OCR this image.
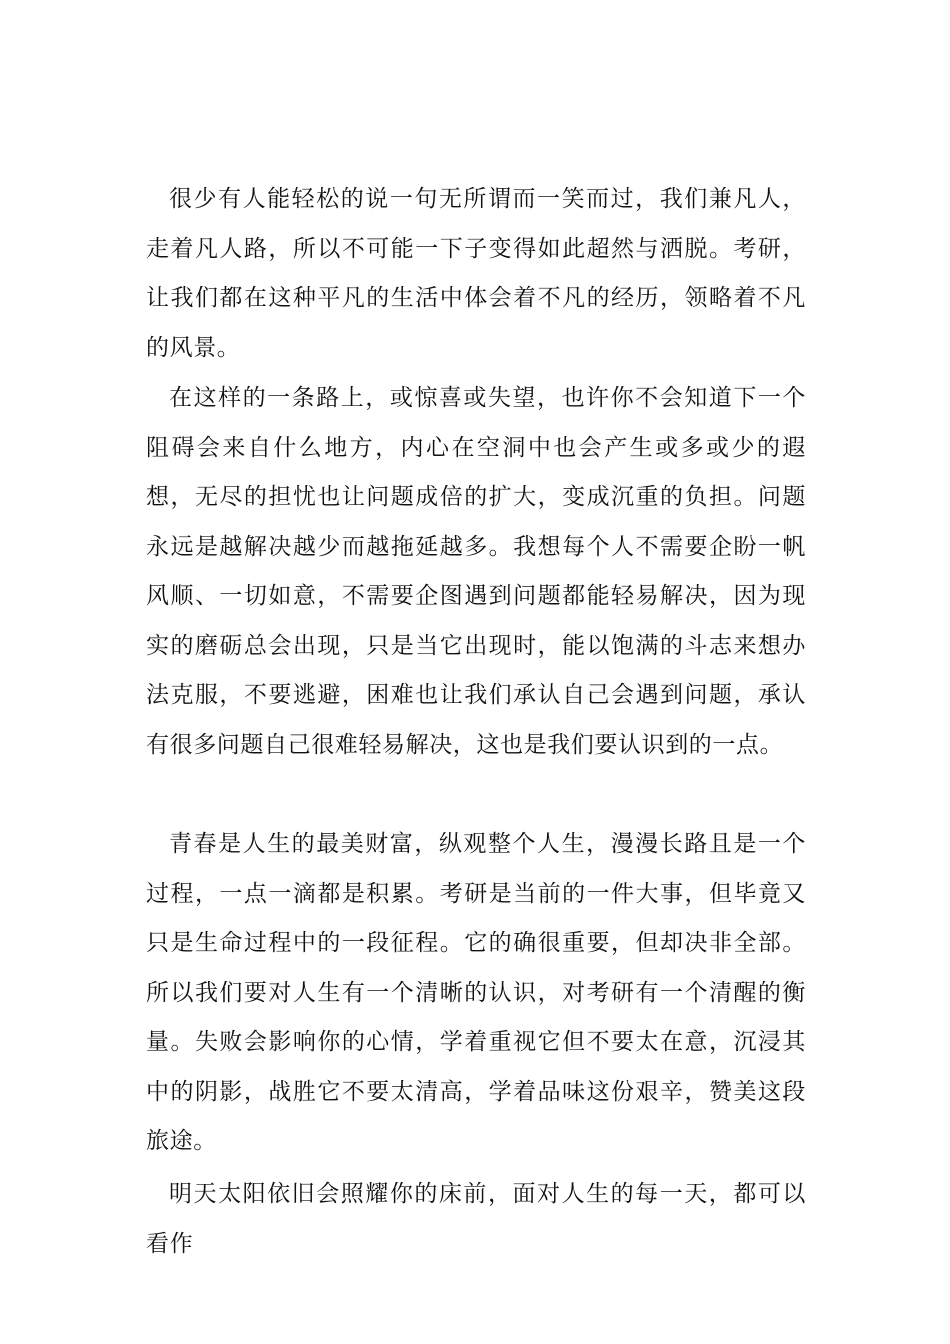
很少有人能轻松的说一句无所谓而一笑而过，我们兼凡人，走着凡人路，所以不可能一下子变得如此超然与洒脱。考研，让我们都在这种平凡的生活中体会着不凡的经历，领略着不凡的风景。

在这样的一条路上，或惊喜或失望，也许你不会知道下一个阻碍会来自什么地方，内心在空洞中也会产生或多或少的遐想，无尽的担忧也让问题成倍的扩大，变成沉重的负担。问题永远是越解决越少而越拖延越多。我想每个人不需要企盼一帆风顺、一切如意，不需要企图遇到问题都能轻易解决，因为现实的磨砺总会出现，只是当它出现时，能以饱满的斗志来想办法克服，不要逃避，困难也让我们承认自己会遇到问题，承认有很多问题自己很难轻易解决，这也是我们要认识到的一点。

青春是人生的最美财富，纵观整个人生，漫漫长路且是一个过程，一点一滴都是积累。考研是当前的一件大事，但毕竟又只是生命过程中的一段征程。它的确很重要，但却决非全部。所以我们要对人生有一个清晰的认识，对考研有一个清醒的衡量。失败会影响你的心情，学着重视它但不要太在意，沉浸其中的阴影，战胜它不要太清高，学着品味这份艰辛，赞美这段旅途。

明天太阳依旧会照耀你的床前，面对人生的每一天，都可以看作
